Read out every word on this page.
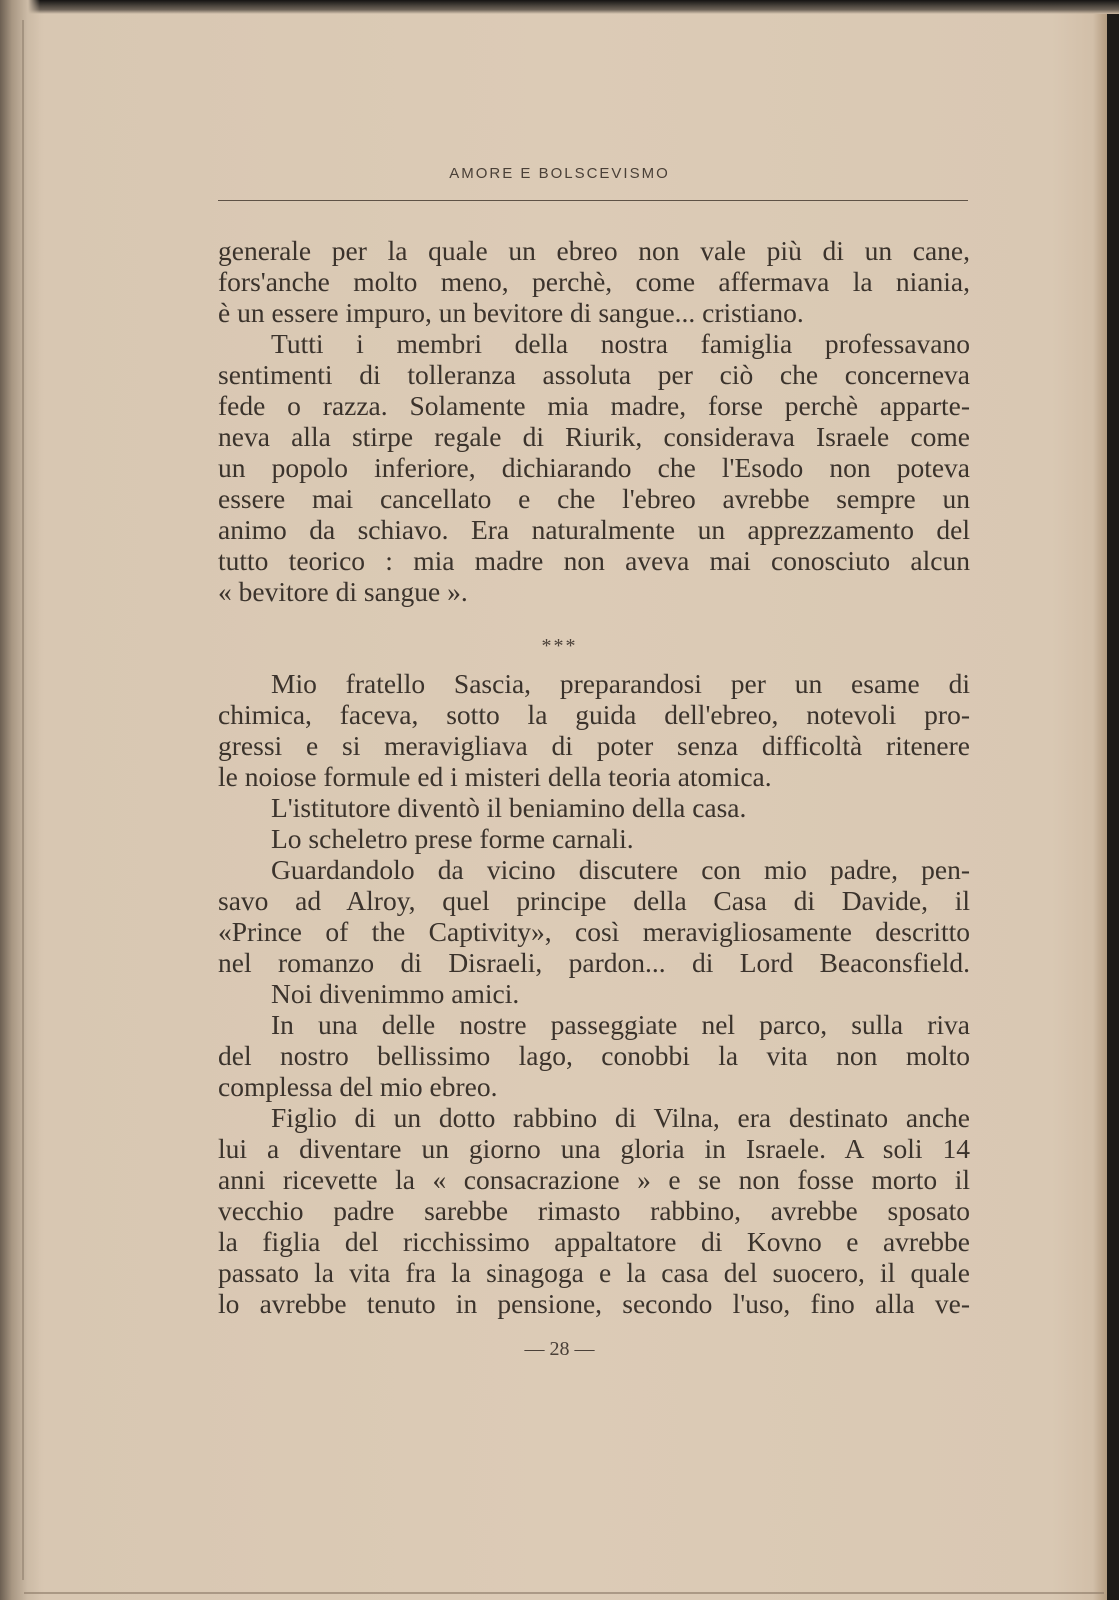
AMORE E BOLSCEVISMO
generale per la quale un ebreo non vale più di un cane,
fors'anche molto meno, perchè, come affermava la niania,
è un essere impuro, un bevitore di sangue... cristiano.
Tutti i membri della nostra famiglia professavano
sentimenti di tolleranza assoluta per ciò che concerneva
fede o razza. Solamente mia madre, forse perchè apparte-
neva alla stirpe regale di Riurik, considerava Israele come
un popolo inferiore, dichiarando che l'Esodo non poteva
essere mai cancellato e che l'ebreo avrebbe sempre un
animo da schiavo. Era naturalmente un apprezzamento del
tutto teorico : mia madre non aveva mai conosciuto alcun
« bevitore di sangue ».
***
Mio fratello Sascia, preparandosi per un esame di
chimica, faceva, sotto la guida dell'ebreo, notevoli pro-
gressi e si meravigliava di poter senza difficoltà ritenere
le noiose formule ed i misteri della teoria atomica.
L'istitutore diventò il beniamino della casa.
Lo scheletro prese forme carnali.
Guardandolo da vicino discutere con mio padre, pen-
savo ad Alroy, quel principe della Casa di Davide, il
«Prince of the Captivity», così meravigliosamente descritto
nel romanzo di Disraeli, pardon... di Lord Beaconsfield.
Noi divenimmo amici.
In una delle nostre passeggiate nel parco, sulla riva
del nostro bellissimo lago, conobbi la vita non molto
complessa del mio ebreo.
Figlio di un dotto rabbino di Vilna, era destinato anche
lui a diventare un giorno una gloria in Israele. A soli 14
anni ricevette la « consacrazione » e se non fosse morto il
vecchio padre sarebbe rimasto rabbino, avrebbe sposato
la figlia del ricchissimo appaltatore di Kovno e avrebbe
passato la vita fra la sinagoga e la casa del suocero, il quale
lo avrebbe tenuto in pensione, secondo l'uso, fino alla ve-
— 28 —
